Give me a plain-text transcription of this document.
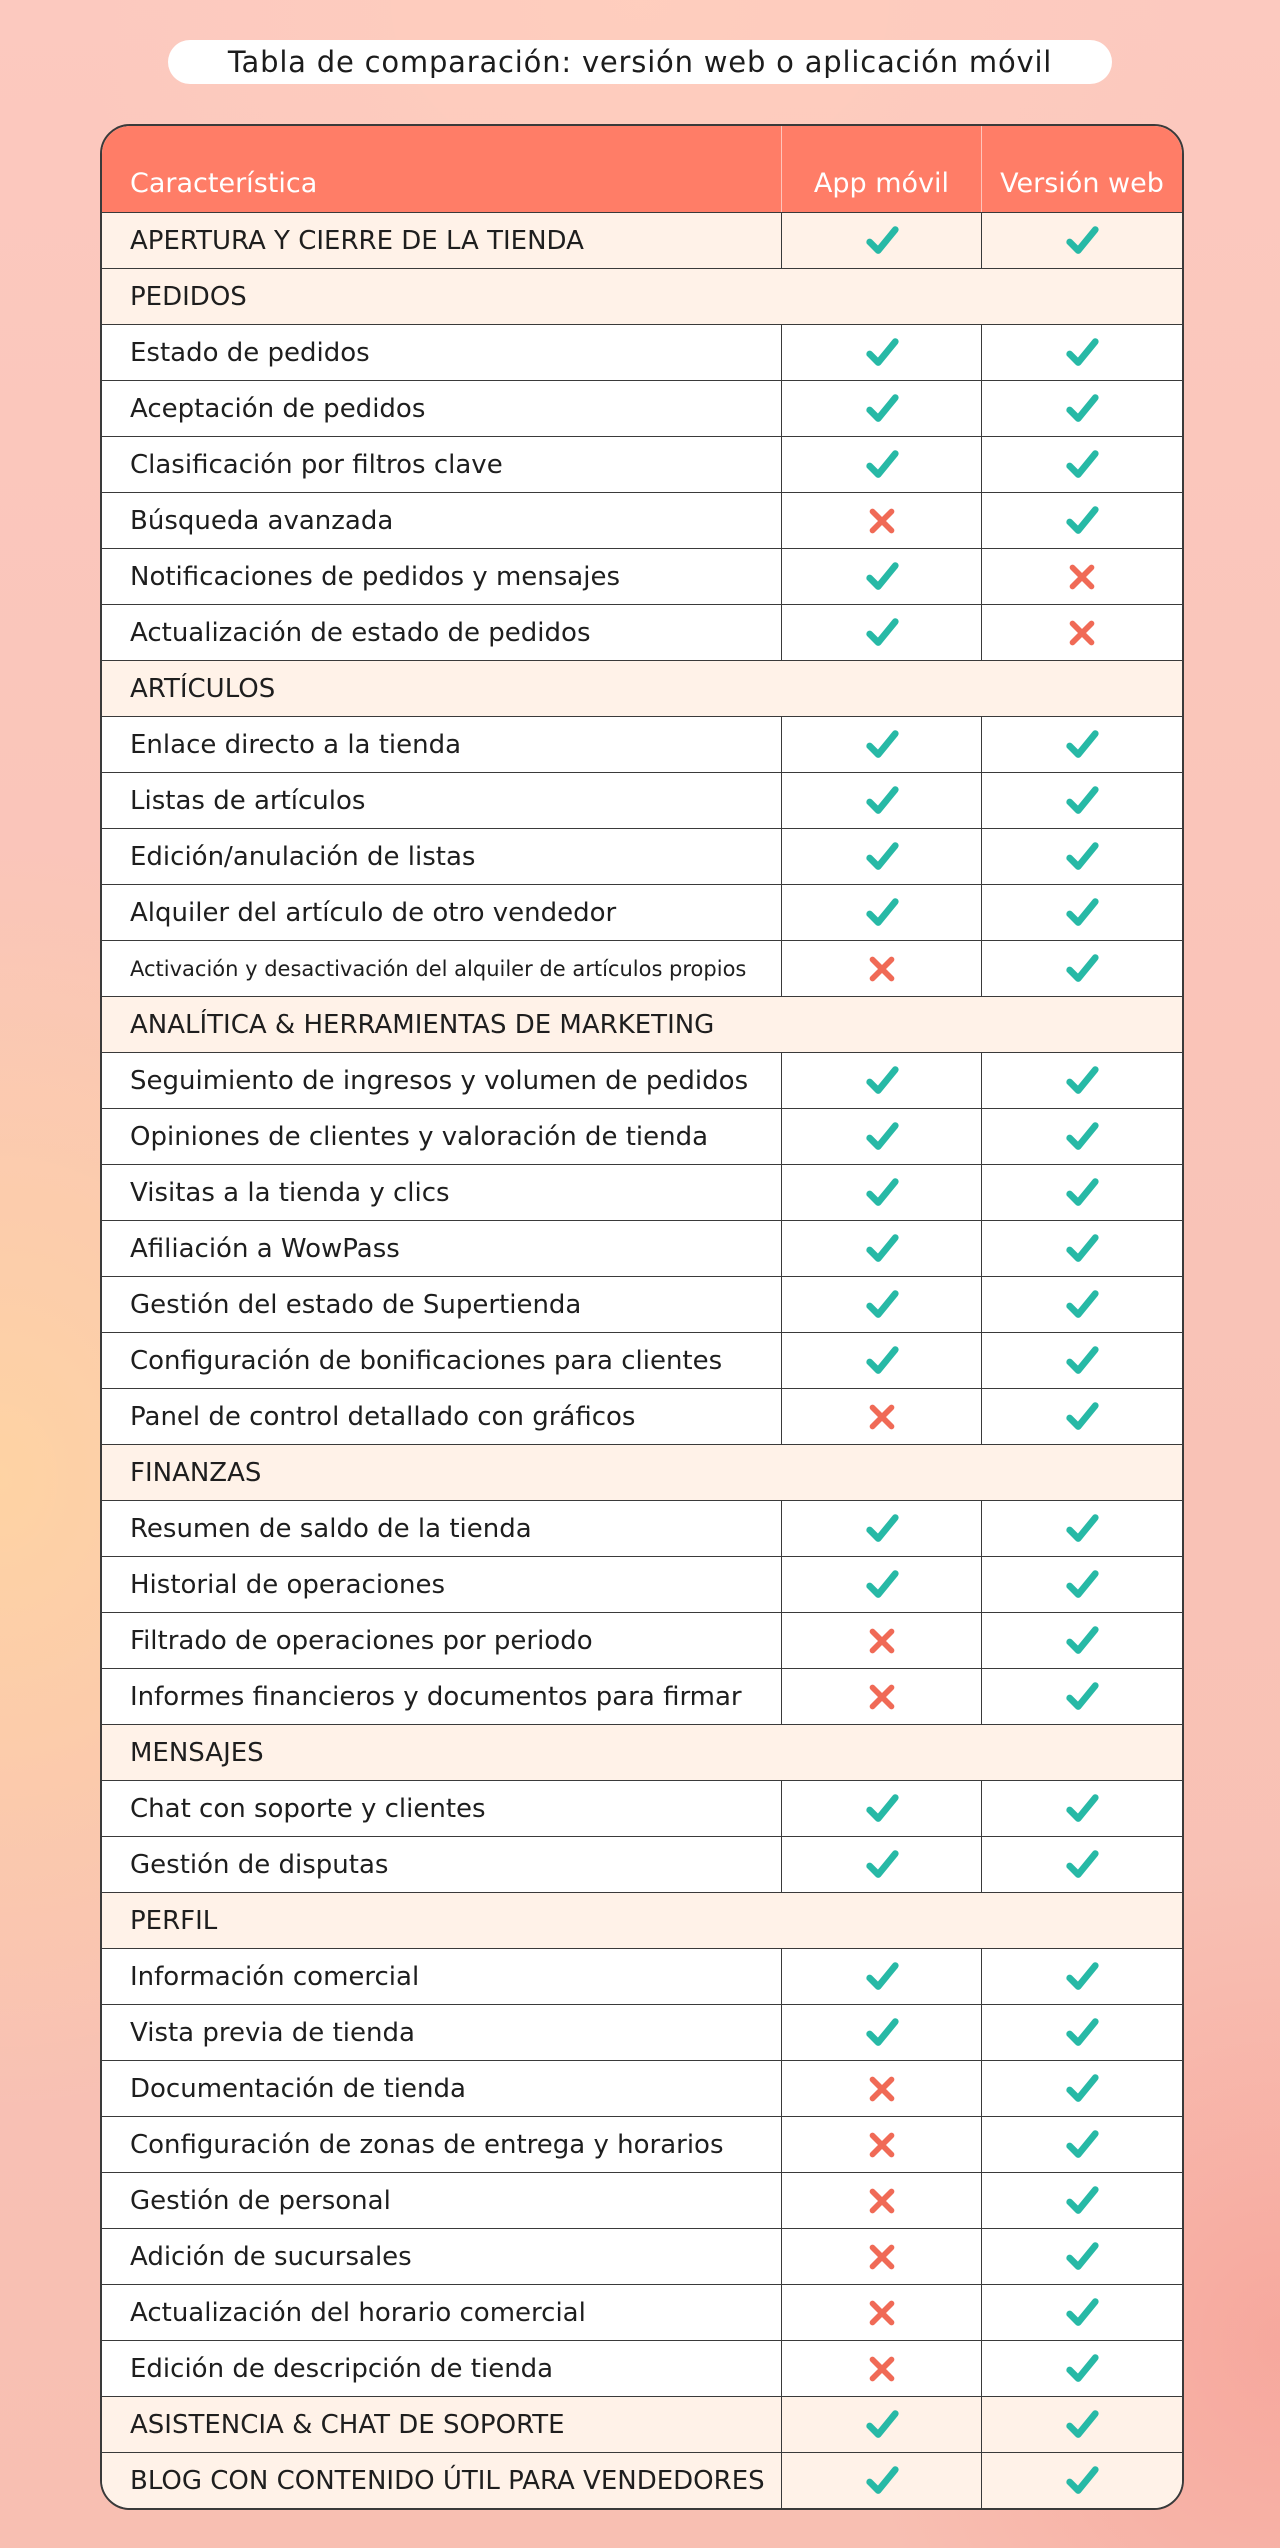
Tabla de comparación: versión web o aplicación móvil
Característica	App móvil	Versión web
APERTURA Y CIERRE DE LA TIENDA
PEDIDOS
Estado de pedidos
Aceptación de pedidos
Clasificación por filtros clave
Búsqueda avanzada
Notificaciones de pedidos y mensajes
Actualización de estado de pedidos
ARTÍCULOS
Enlace directo a la tienda
Listas de artículos
Edición/anulación de listas
Alquiler del artículo de otro vendedor
Activación y desactivación del alquiler de artículos propios
ANALÍTICA & HERRAMIENTAS DE MARKETING
Seguimiento de ingresos y volumen de pedidos
Opiniones de clientes y valoración de tienda
Visitas a la tienda y clics
Afiliación a WowPass
Gestión del estado de Supertienda
Configuración de bonificaciones para clientes
Panel de control detallado con gráficos
FINANZAS
Resumen de saldo de la tienda
Historial de operaciones
Filtrado de operaciones por periodo
Informes financieros y documentos para firmar
MENSAJES
Chat con soporte y clientes
Gestión de disputas
PERFIL
Información comercial
Vista previa de tienda
Documentación de tienda
Configuración de zonas de entrega y horarios
Gestión de personal
Adición de sucursales
Actualización del horario comercial
Edición de descripción de tienda
ASISTENCIA & CHAT DE SOPORTE
BLOG CON CONTENIDO ÚTIL PARA VENDEDORES
